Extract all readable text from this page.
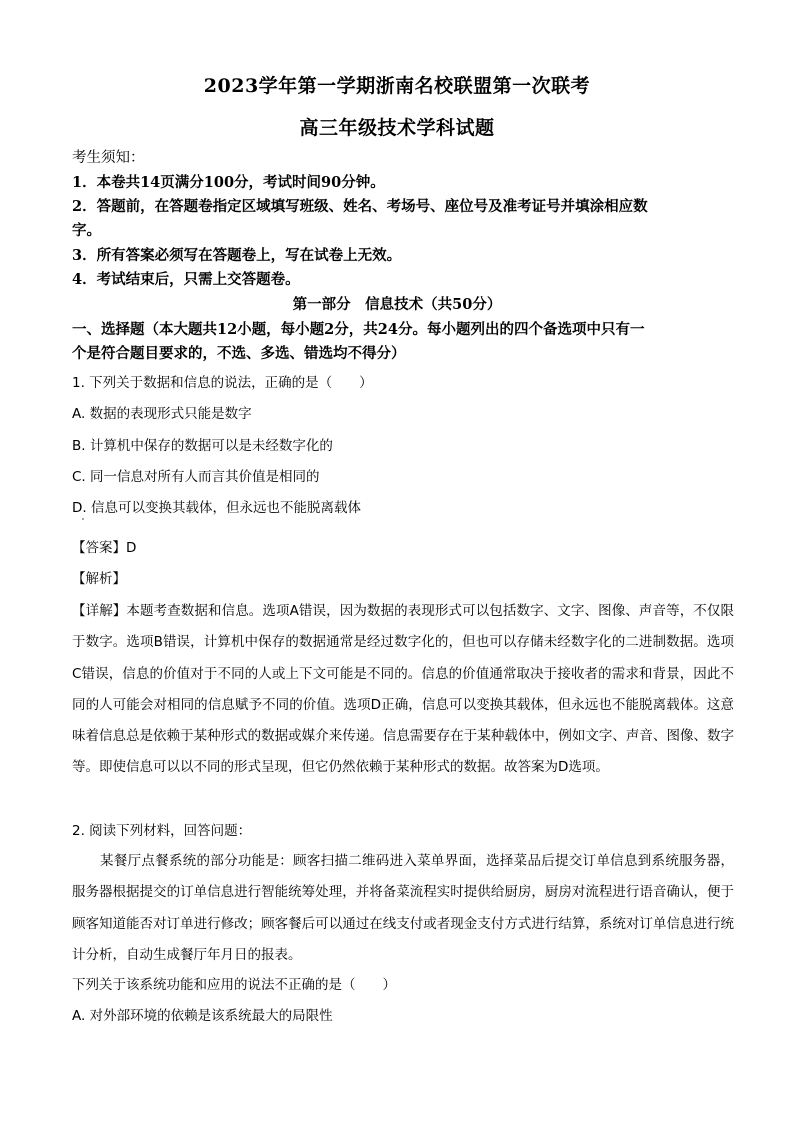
2023学年第一学期浙南名校联盟第一次联考
高三年级技术学科试题
考生须知：
1．本卷共14页满分100分，考试时间90分钟。
2．答题前，在答题卷指定区域填写班级、姓名、考场号、座位号及准考证号并填涂相应数
字。
3．所有答案必须写在答题卷上，写在试卷上无效。
4．考试结束后，只需上交答题卷。
第一部分　信息技术（共50分）
一、选择题（本大题共12小题，每小题2分，共24分。每小题列出的四个备选项中只有一
个是符合题目要求的，不选、多选、错选均不得分）
1. 下列关于数据和信息的说法，正确的是（　　）
A. 数据的表现形式只能是数字
B. 计算机中保存的数据可以是未经数字化的
C. 同一信息对所有人而言其价值是相同的
D. 信息可以变换其载体，但永远也不能脱离载体
【答案】D
【解析】
【详解】本题考查数据和信息。选项A错误，因为数据的表现形式可以包括数字、文字、图像、声音等，不仅限于数字。选项B错误，计算机中保存的数据通常是经过数字化的，但也可以存储未经数字化的二进制数据。选项C错误，信息的价值对于不同的人或上下文可能是不同的。信息的价值通常取决于接收者的需求和背景，因此不同的人可能会对相同的信息赋予不同的价值。选项D正确，信息可以变换其载体，但永远也不能脱离载体。这意味着信息总是依赖于某种形式的数据或媒介来传递。信息需要存在于某种载体中，例如文字、声音、图像、数字等。即使信息可以以不同的形式呈现，但它仍然依赖于某种形式的数据。故答案为D选项。
2. 阅读下列材料，回答问题：
某餐厅点餐系统的部分功能是：顾客扫描二维码进入菜单界面，选择菜品后提交订单信息到系统服务器，服务器根据提交的订单信息进行智能统筹处理，并将备菜流程实时提供给厨房，厨房对流程进行语音确认，便于顾客知道能否对订单进行修改；顾客餐后可以通过在线支付或者现金支付方式进行结算，系统对订单信息进行统计分析，自动生成餐厅年月日的报表。
下列关于该系统功能和应用的说法不正确的是（　　）
A. 对外部环境的依赖是该系统最大的局限性
